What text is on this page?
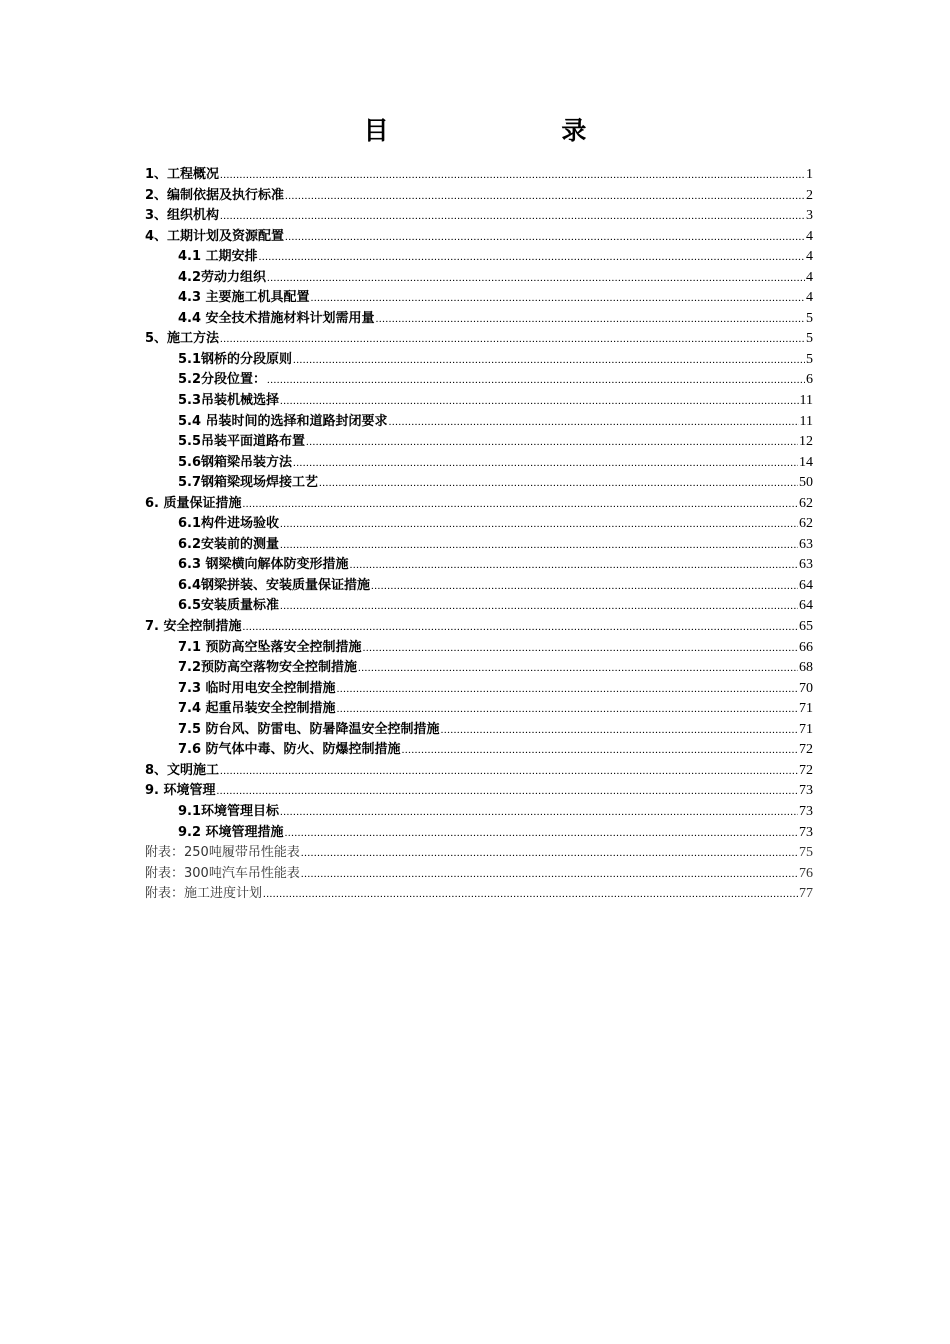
目 录
1、工程概况 .....	1
2、编制依据及执行标准 .....	2
3、组织机构 .....	3
4、工期计划及资源配置 .....	4
4.1 工期安排 .....	4
4.2劳动力组织 .....	4
4.3 主要施工机具配置 .....	4
4.4 安全技术措施材料计划需用量 .....	5
5、施工方法 .....	5
5.1钢桥的分段原则 .....	5
5.2分段位置： .....	6
5.3吊装机械选择 .....	11
5.4 吊装时间的选择和道路封闭要求 .....	11
5.5吊装平面道路布置 .....	12
5.6钢箱梁吊装方法 .....	14
5.7钢箱梁现场焊接工艺 .....	50
6. 质量保证措施 .....	62
6.1构件进场验收 .....	62
6.2安装前的测量 .....	63
6.3 钢梁横向解体防变形措施 .....	63
6.4钢梁拼装、安装质量保证措施 .....	64
6.5安装质量标准 .....	64
7. 安全控制措施 .....	65
7.1 预防高空坠落安全控制措施 .....	66
7.2预防高空落物安全控制措施 .....	68
7.3 临时用电安全控制措施 .....	70
7.4 起重吊装安全控制措施 .....	71
7.5 防台风、防雷电、防暑降温安全控制措施 .....	71
7.6 防气体中毒、防火、防爆控制措施 .....	72
8、文明施工 .....	72
9. 环境管理 .....	73
9.1环境管理目标 .....	73
9.2 环境管理措施 .....	73
附表：250吨履带吊性能表 .....	75
附表：300吨汽车吊性能表 .....	76
附表：施工进度计划 .....	77
